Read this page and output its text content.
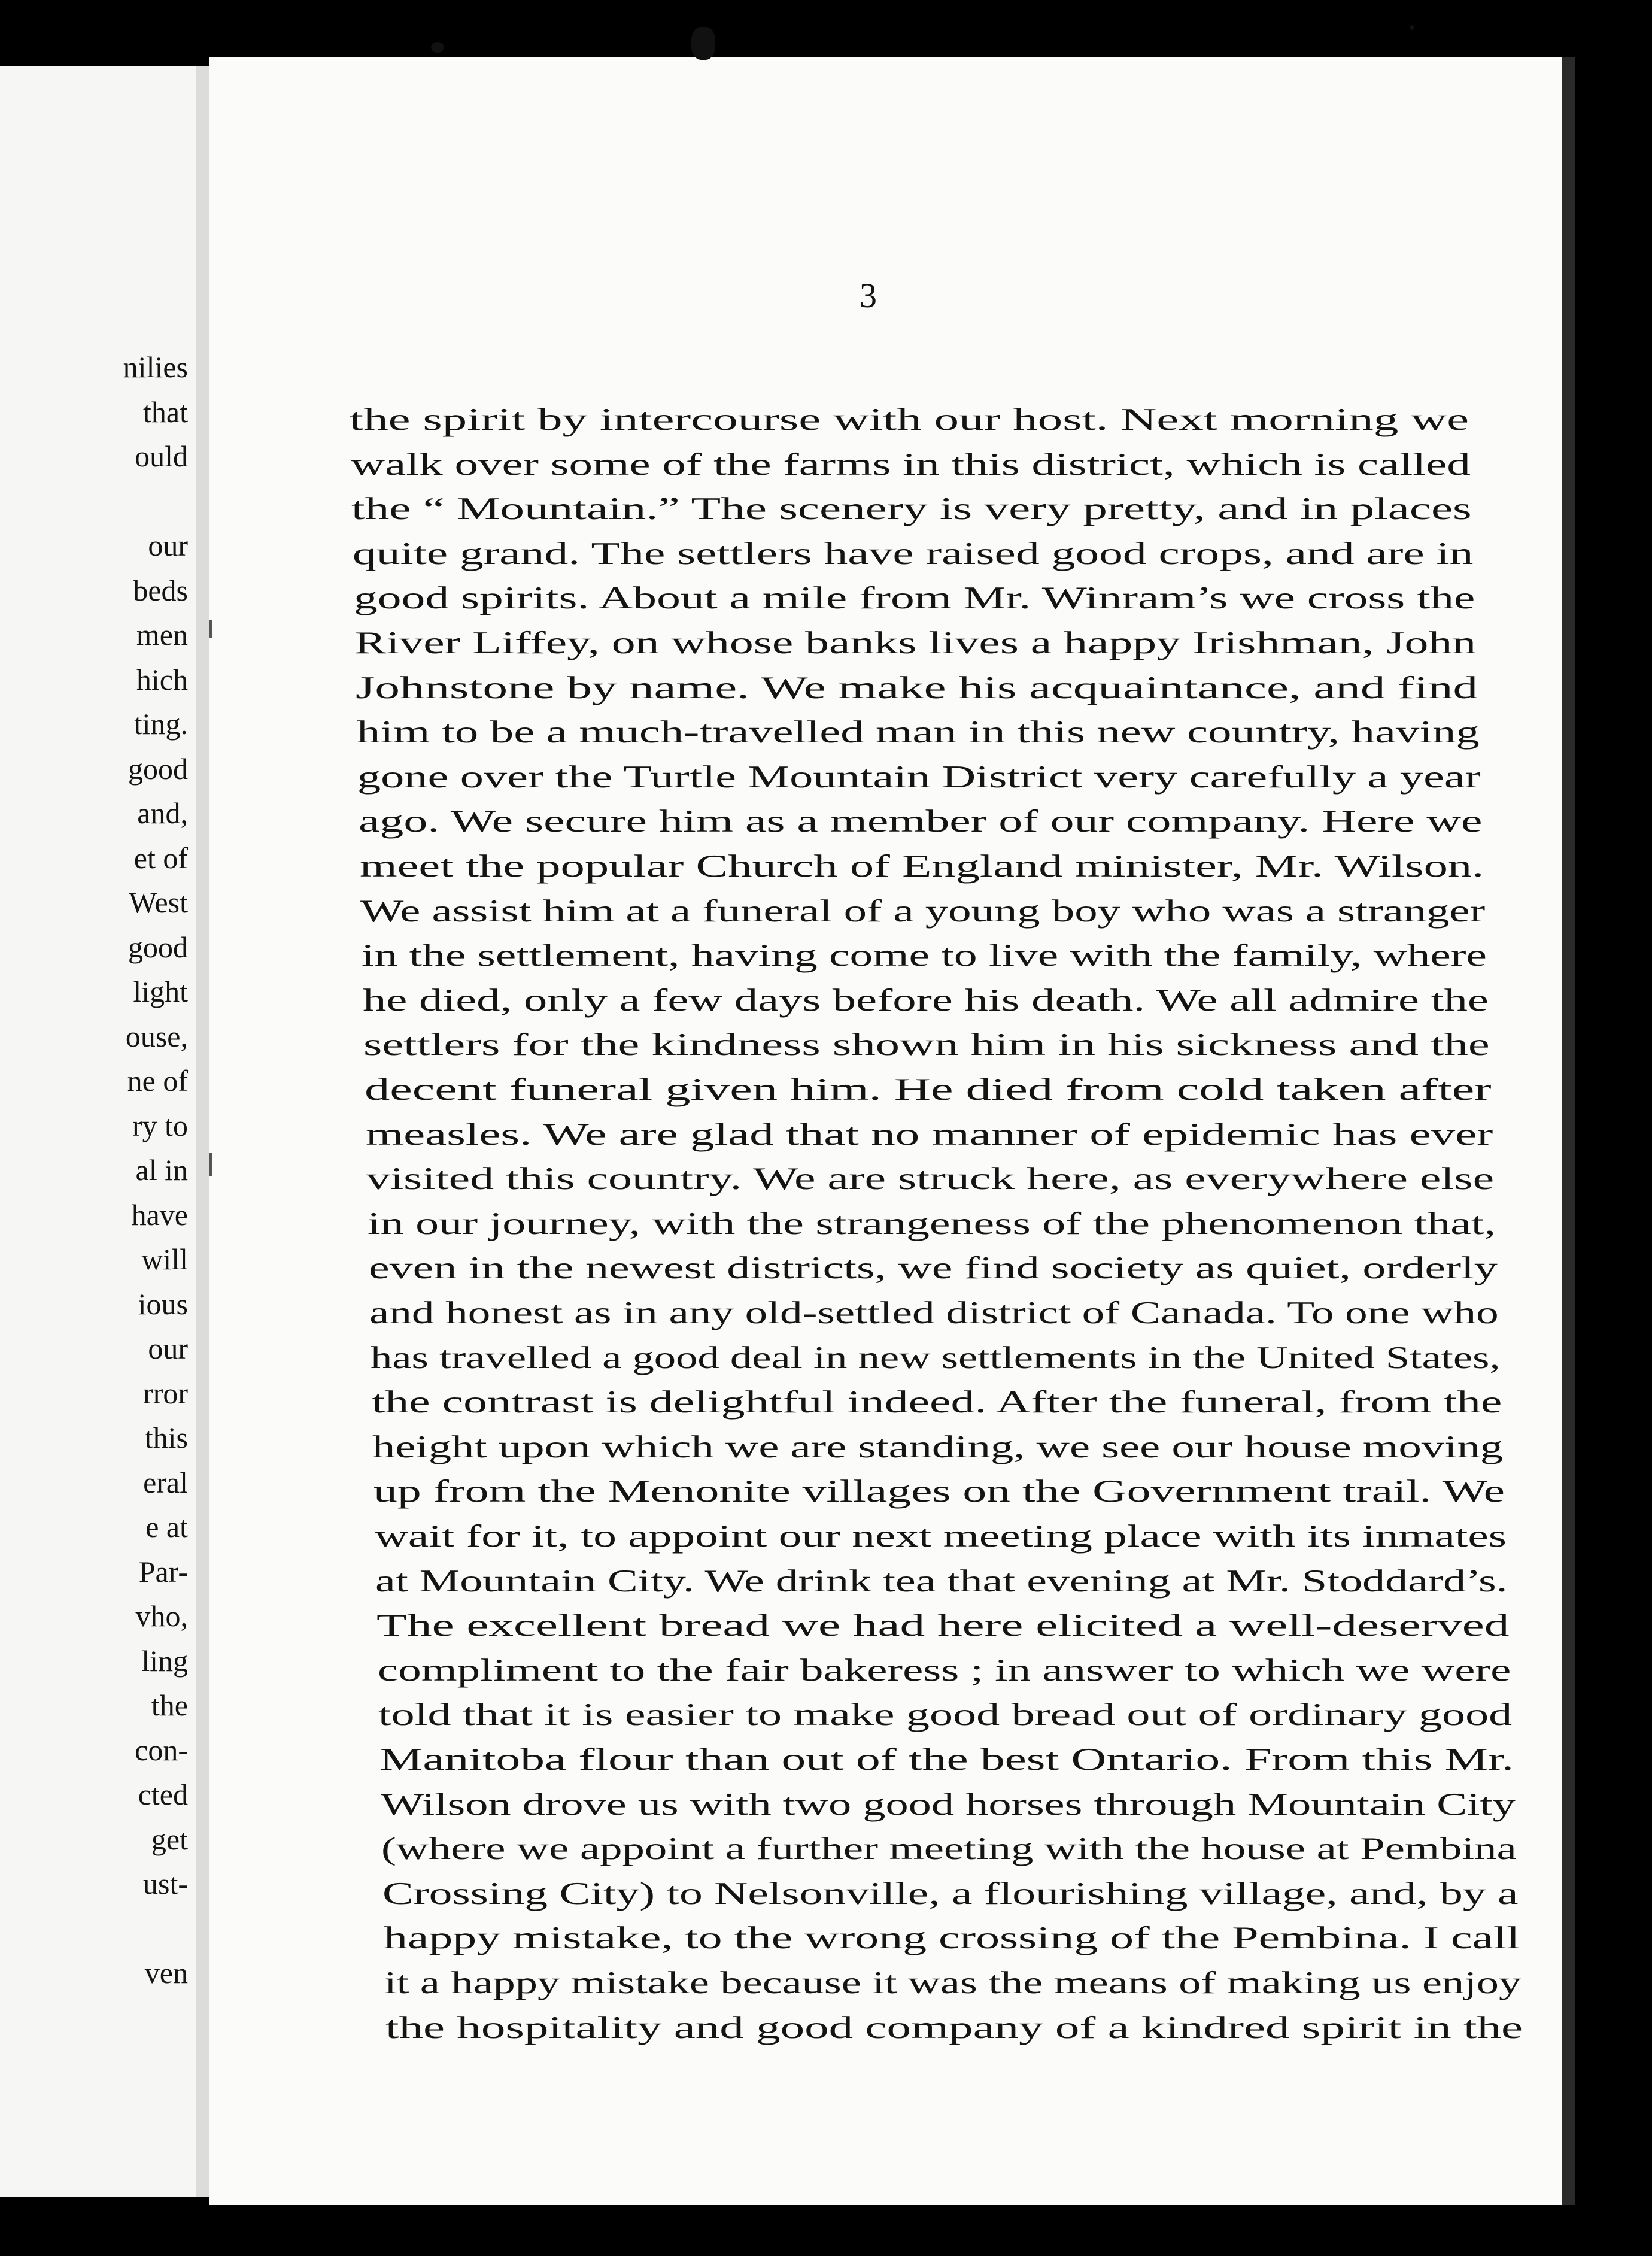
nilies
that
ould
our
beds
men
hich
ting.
good
and,
et of
West
good
light
ouse,
ne of
ry to
al in
have
will
ious
our
rror
this
eral
e at
Par-
vho,
ling
the
con-
cted
get
ust-
ven
3
the spirit by intercourse with our host. Next morning we
walk over some of the farms in this district, which is called
the “ Mountain.” The scenery is very pretty, and in places
quite grand. The settlers have raised good crops, and are in
good spirits. About a mile from Mr. Winram’s we cross the
River Liffey, on whose banks lives a happy Irishman, John
Johnstone by name. We make his acquaintance, and find
him to be a much-travelled man in this new country, having
gone over the Turtle Mountain District very carefully a year
ago. We secure him as a member of our company. Here we
meet the popular Church of England minister, Mr. Wilson.
We assist him at a funeral of a young boy who was a stranger
in the settlement, having come to live with the family, where
he died, only a few days before his death. We all admire the
settlers for the kindness shown him in his sickness and the
decent funeral given him. He died from cold taken after
measles. We are glad that no manner of epidemic has ever
visited this country. We are struck here, as everywhere else
in our journey, with the strangeness of the phenomenon that,
even in the newest districts, we find society as quiet, orderly
and honest as in any old-settled district of Canada. To one who
has travelled a good deal in new settlements in the United States,
the contrast is delightful indeed. After the funeral, from the
height upon which we are standing, we see our house moving
up from the Menonite villages on the Government trail. We
wait for it, to appoint our next meeting place with its inmates
at Mountain City. We drink tea that evening at Mr. Stoddard’s.
The excellent bread we had here elicited a well-deserved
compliment to the fair bakeress ; in answer to which we were
told that it is easier to make good bread out of ordinary good
Manitoba flour than out of the best Ontario. From this Mr.
Wilson drove us with two good horses through Mountain City
(where we appoint a further meeting with the house at Pembina
Crossing City) to Nelsonville, a flourishing village, and, by a
happy mistake, to the wrong crossing of the Pembina. I call
it a happy mistake because it was the means of making us enjoy
the hospitality and good company of a kindred spirit in the
